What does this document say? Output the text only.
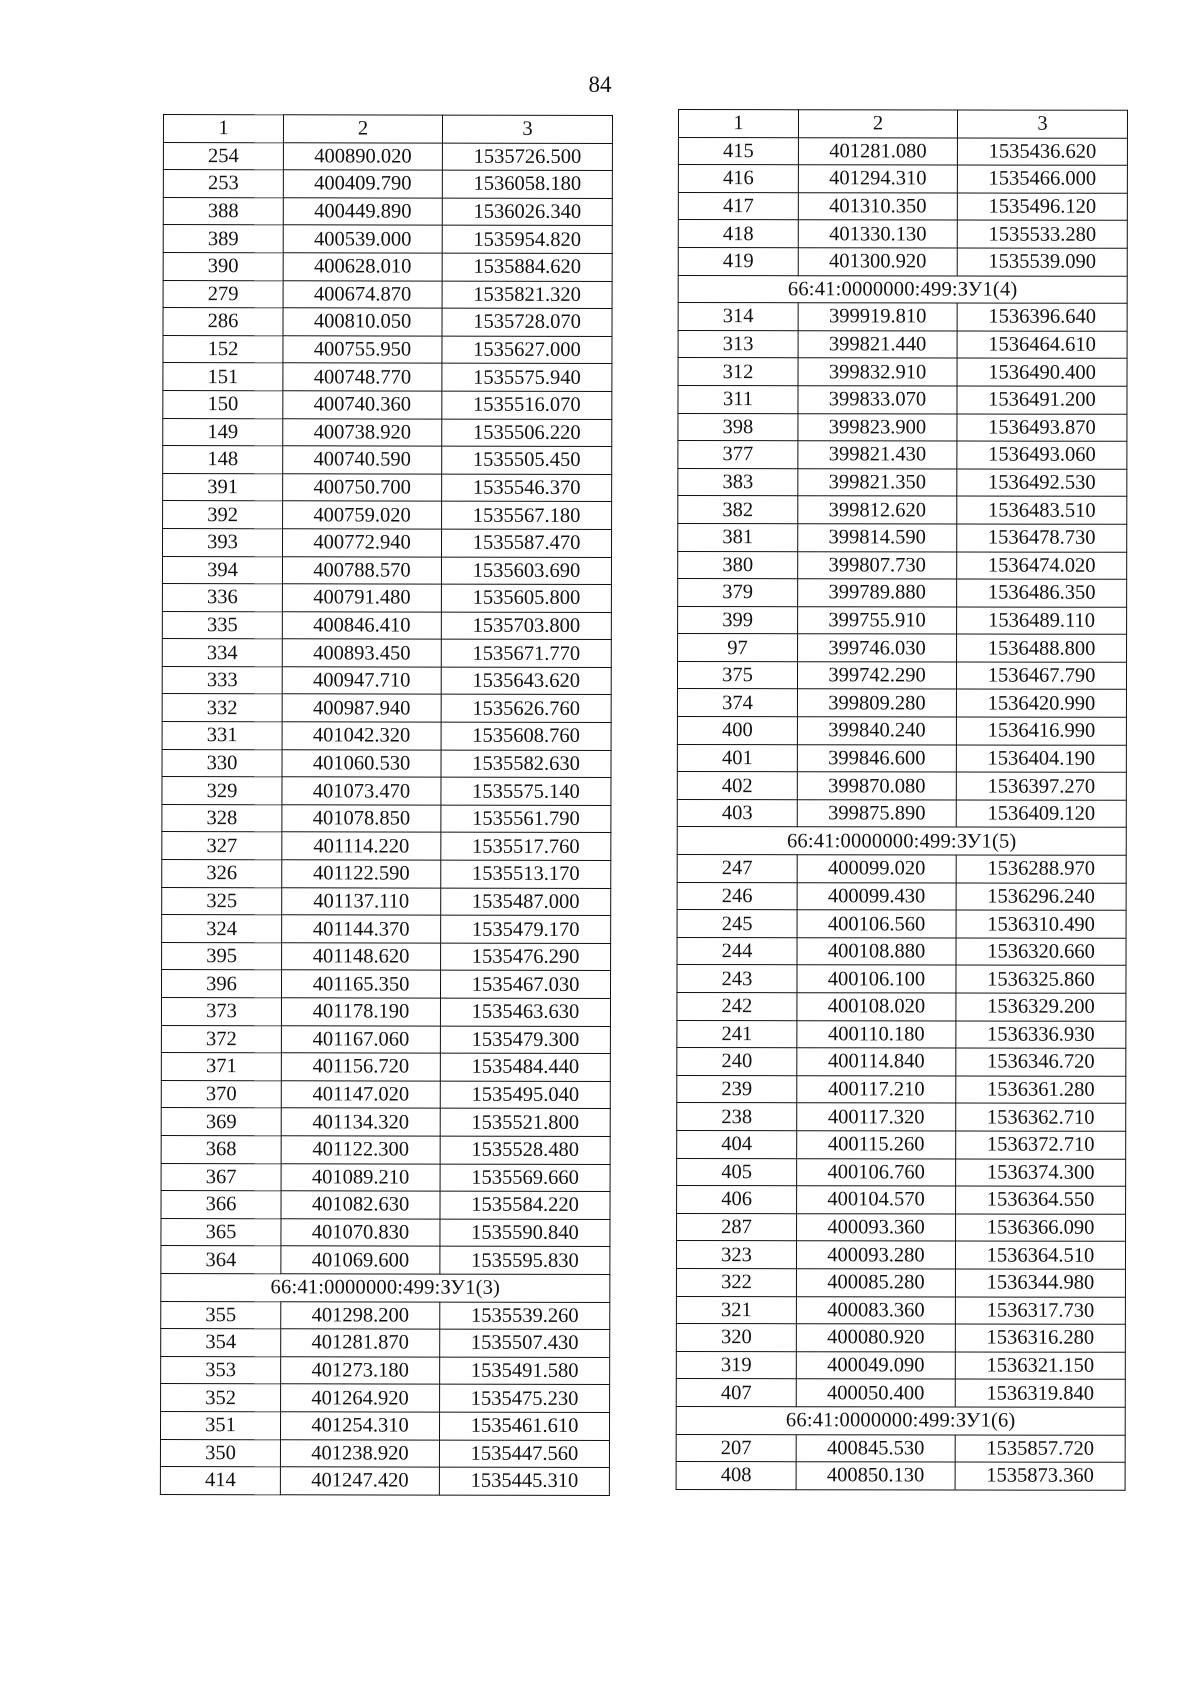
84
1	2	3
254	400890.020	1535726.500
253	400409.790	1536058.180
388	400449.890	1536026.340
389	400539.000	1535954.820
390	400628.010	1535884.620
279	400674.870	1535821.320
286	400810.050	1535728.070
152	400755.950	1535627.000
151	400748.770	1535575.940
150	400740.360	1535516.070
149	400738.920	1535506.220
148	400740.590	1535505.450
391	400750.700	1535546.370
392	400759.020	1535567.180
393	400772.940	1535587.470
394	400788.570	1535603.690
336	400791.480	1535605.800
335	400846.410	1535703.800
334	400893.450	1535671.770
333	400947.710	1535643.620
332	400987.940	1535626.760
331	401042.320	1535608.760
330	401060.530	1535582.630
329	401073.470	1535575.140
328	401078.850	1535561.790
327	401114.220	1535517.760
326	401122.590	1535513.170
325	401137.110	1535487.000
324	401144.370	1535479.170
395	401148.620	1535476.290
396	401165.350	1535467.030
373	401178.190	1535463.630
372	401167.060	1535479.300
371	401156.720	1535484.440
370	401147.020	1535495.040
369	401134.320	1535521.800
368	401122.300	1535528.480
367	401089.210	1535569.660
366	401082.630	1535584.220
365	401070.830	1535590.840
364	401069.600	1535595.830
66:41:0000000:499:ЗУ1(3)		
355	401298.200	1535539.260
354	401281.870	1535507.430
353	401273.180	1535491.580
352	401264.920	1535475.230
351	401254.310	1535461.610
350	401238.920	1535447.560
414	401247.420	1535445.310
1	2	3
415	401281.080	1535436.620
416	401294.310	1535466.000
417	401310.350	1535496.120
418	401330.130	1535533.280
419	401300.920	1535539.090
66:41:0000000:499:ЗУ1(4)		
314	399919.810	1536396.640
313	399821.440	1536464.610
312	399832.910	1536490.400
311	399833.070	1536491.200
398	399823.900	1536493.870
377	399821.430	1536493.060
383	399821.350	1536492.530
382	399812.620	1536483.510
381	399814.590	1536478.730
380	399807.730	1536474.020
379	399789.880	1536486.350
399	399755.910	1536489.110
97	399746.030	1536488.800
375	399742.290	1536467.790
374	399809.280	1536420.990
400	399840.240	1536416.990
401	399846.600	1536404.190
402	399870.080	1536397.270
403	399875.890	1536409.120
66:41:0000000:499:ЗУ1(5)		
247	400099.020	1536288.970
246	400099.430	1536296.240
245	400106.560	1536310.490
244	400108.880	1536320.660
243	400106.100	1536325.860
242	400108.020	1536329.200
241	400110.180	1536336.930
240	400114.840	1536346.720
239	400117.210	1536361.280
238	400117.320	1536362.710
404	400115.260	1536372.710
405	400106.760	1536374.300
406	400104.570	1536364.550
287	400093.360	1536366.090
323	400093.280	1536364.510
322	400085.280	1536344.980
321	400083.360	1536317.730
320	400080.920	1536316.280
319	400049.090	1536321.150
407	400050.400	1536319.840
66:41:0000000:499:ЗУ1(6)		
207	400845.530	1535857.720
408	400850.130	1535873.360
